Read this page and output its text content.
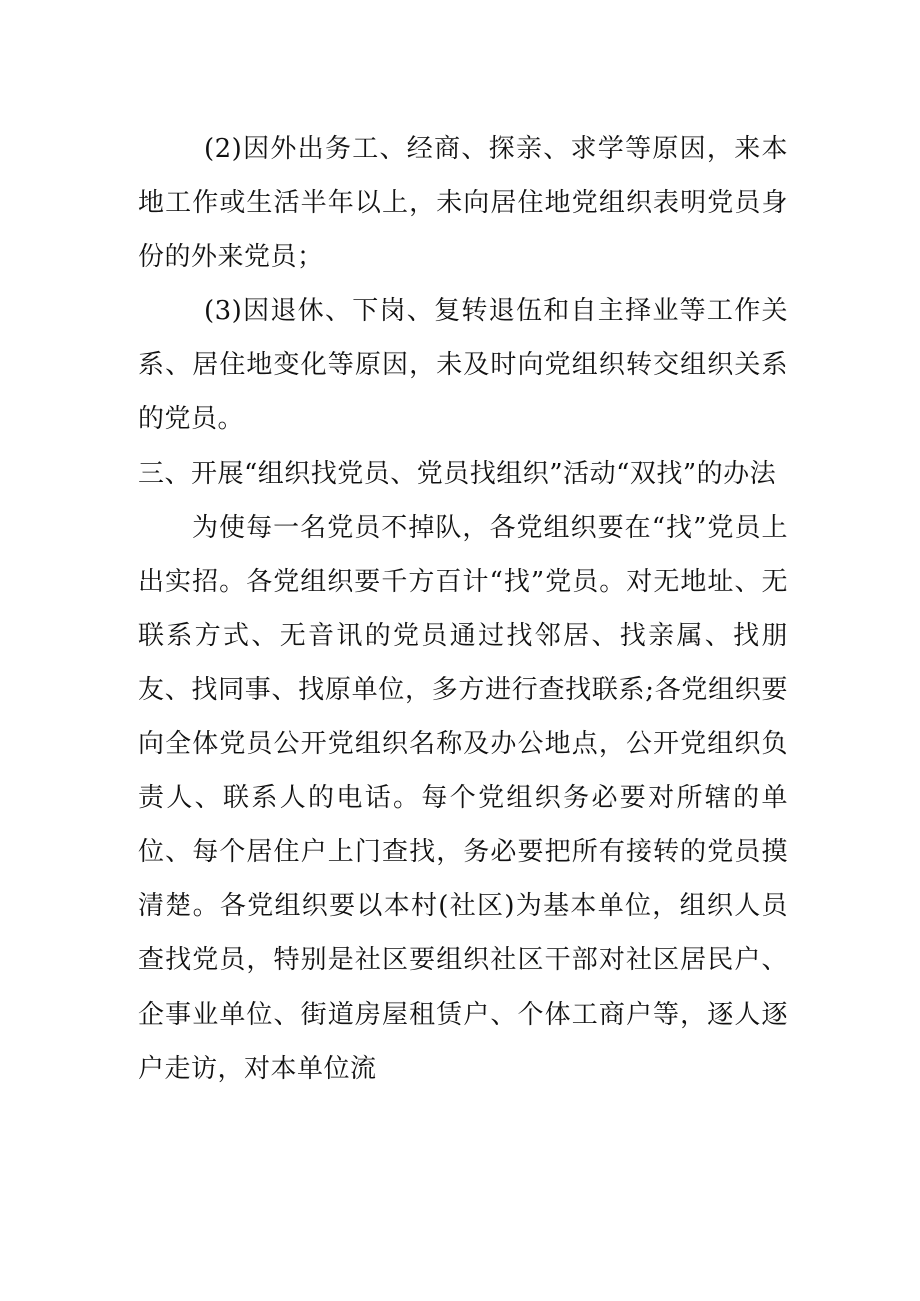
(2)因外出务工、经商、探亲、求学等原因，来本地工作或生活半年以上，未向居住地党组织表明党员身份的外来党员；

(3)因退休、下岗、复转退伍和自主择业等工作关系、居住地变化等原因，未及时向党组织转交组织关系的党员。

三、开展“组织找党员、党员找组织”活动“双找”的办法

为使每一名党员不掉队，各党组织要在“找”党员上出实招。各党组织要千方百计“找”党员。对无地址、无联系方式、无音讯的党员通过找邻居、找亲属、找朋友、找同事、找原单位，多方进行查找联系;各党组织要向全体党员公开党组织名称及办公地点，公开党组织负责人、联系人的电话。每个党组织务必要对所辖的单位、每个居住户上门查找，务必要把所有接转的党员摸清楚。各党组织要以本村(社区)为基本单位，组织人员查找党员，特别是社区要组织社区干部对社区居民户、企事业单位、街道房屋租赁户、个体工商户等，逐人逐户走访，对本单位流
